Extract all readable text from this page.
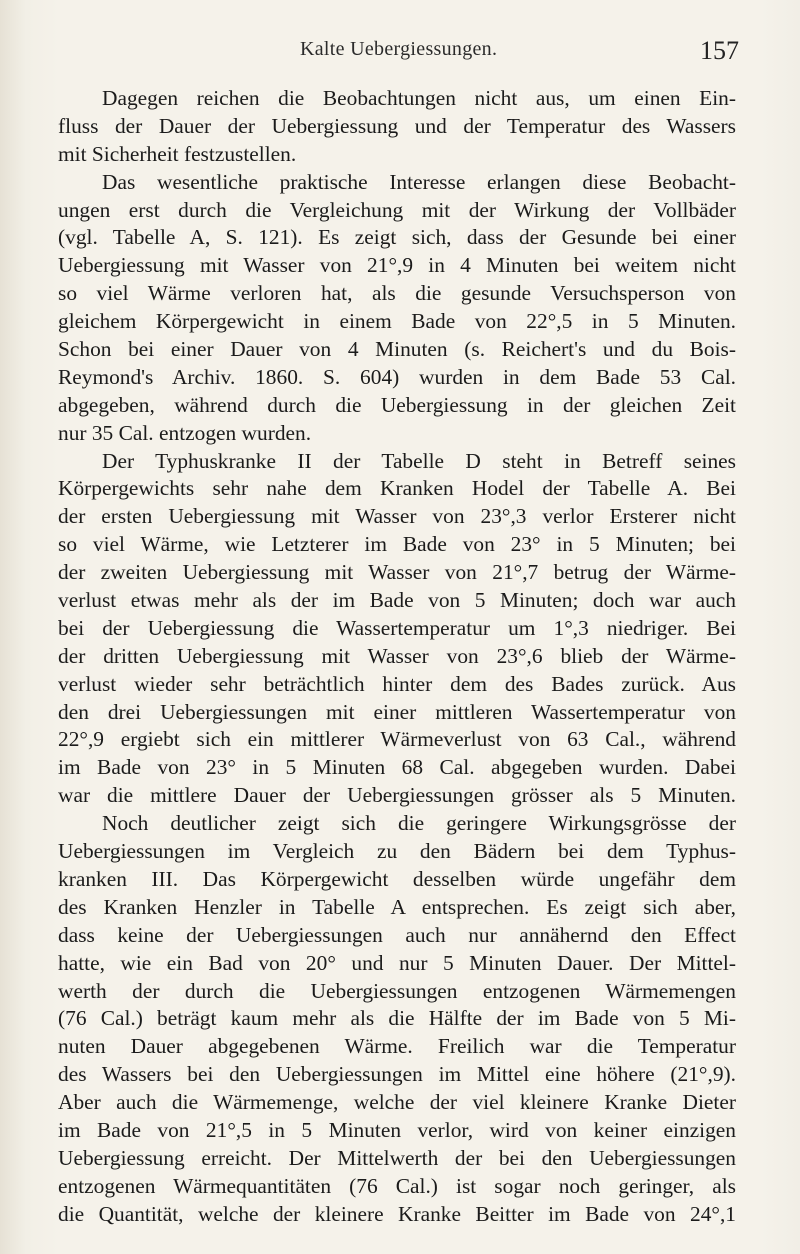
Kalte Uebergiessungen.	157
Dagegen reichen die Beobachtungen nicht aus, um einen Ein-
fluss der Dauer der Uebergiessung und der Temperatur des Wassers
mit Sicherheit festzustellen.
Das wesentliche praktische Interesse erlangen diese Beobacht-
ungen erst durch die Vergleichung mit der Wirkung der Vollbäder
(vgl. Tabelle A, S. 121). Es zeigt sich, dass der Gesunde bei einer
Uebergiessung mit Wasser von 21°,9 in 4 Minuten bei weitem nicht
so viel Wärme verloren hat, als die gesunde Versuchsperson von
gleichem Körpergewicht in einem Bade von 22°,5 in 5 Minuten.
Schon bei einer Dauer von 4 Minuten (s. Reichert's und du Bois-
Reymond's Archiv. 1860. S. 604) wurden in dem Bade 53 Cal.
abgegeben, während durch die Uebergiessung in der gleichen Zeit
nur 35 Cal. entzogen wurden.
Der Typhuskranke II der Tabelle D steht in Betreff seines
Körpergewichts sehr nahe dem Kranken Hodel der Tabelle A. Bei
der ersten Uebergiessung mit Wasser von 23°,3 verlor Ersterer nicht
so viel Wärme, wie Letzterer im Bade von 23° in 5 Minuten; bei
der zweiten Uebergiessung mit Wasser von 21°,7 betrug der Wärme-
verlust etwas mehr als der im Bade von 5 Minuten; doch war auch
bei der Uebergiessung die Wassertemperatur um 1°,3 niedriger. Bei
der dritten Uebergiessung mit Wasser von 23°,6 blieb der Wärme-
verlust wieder sehr beträchtlich hinter dem des Bades zurück. Aus
den drei Uebergiessungen mit einer mittleren Wassertemperatur von
22°,9 ergiebt sich ein mittlerer Wärmeverlust von 63 Cal., während
im Bade von 23° in 5 Minuten 68 Cal. abgegeben wurden. Dabei
war die mittlere Dauer der Uebergiessungen grösser als 5 Minuten.
Noch deutlicher zeigt sich die geringere Wirkungsgrösse der
Uebergiessungen im Vergleich zu den Bädern bei dem Typhus-
kranken III. Das Körpergewicht desselben würde ungefähr dem
des Kranken Henzler in Tabelle A entsprechen. Es zeigt sich aber,
dass keine der Uebergiessungen auch nur annähernd den Effect
hatte, wie ein Bad von 20° und nur 5 Minuten Dauer. Der Mittel-
werth der durch die Uebergiessungen entzogenen Wärmemengen
(76 Cal.) beträgt kaum mehr als die Hälfte der im Bade von 5 Mi-
nuten Dauer abgegebenen Wärme. Freilich war die Temperatur
des Wassers bei den Uebergiessungen im Mittel eine höhere (21°,9).
Aber auch die Wärmemenge, welche der viel kleinere Kranke Dieter
im Bade von 21°,5 in 5 Minuten verlor, wird von keiner einzigen
Uebergiessung erreicht. Der Mittelwerth der bei den Uebergiessungen
entzogenen Wärmequantitäten (76 Cal.) ist sogar noch geringer, als
die Quantität, welche der kleinere Kranke Beitter im Bade von 24°,1
